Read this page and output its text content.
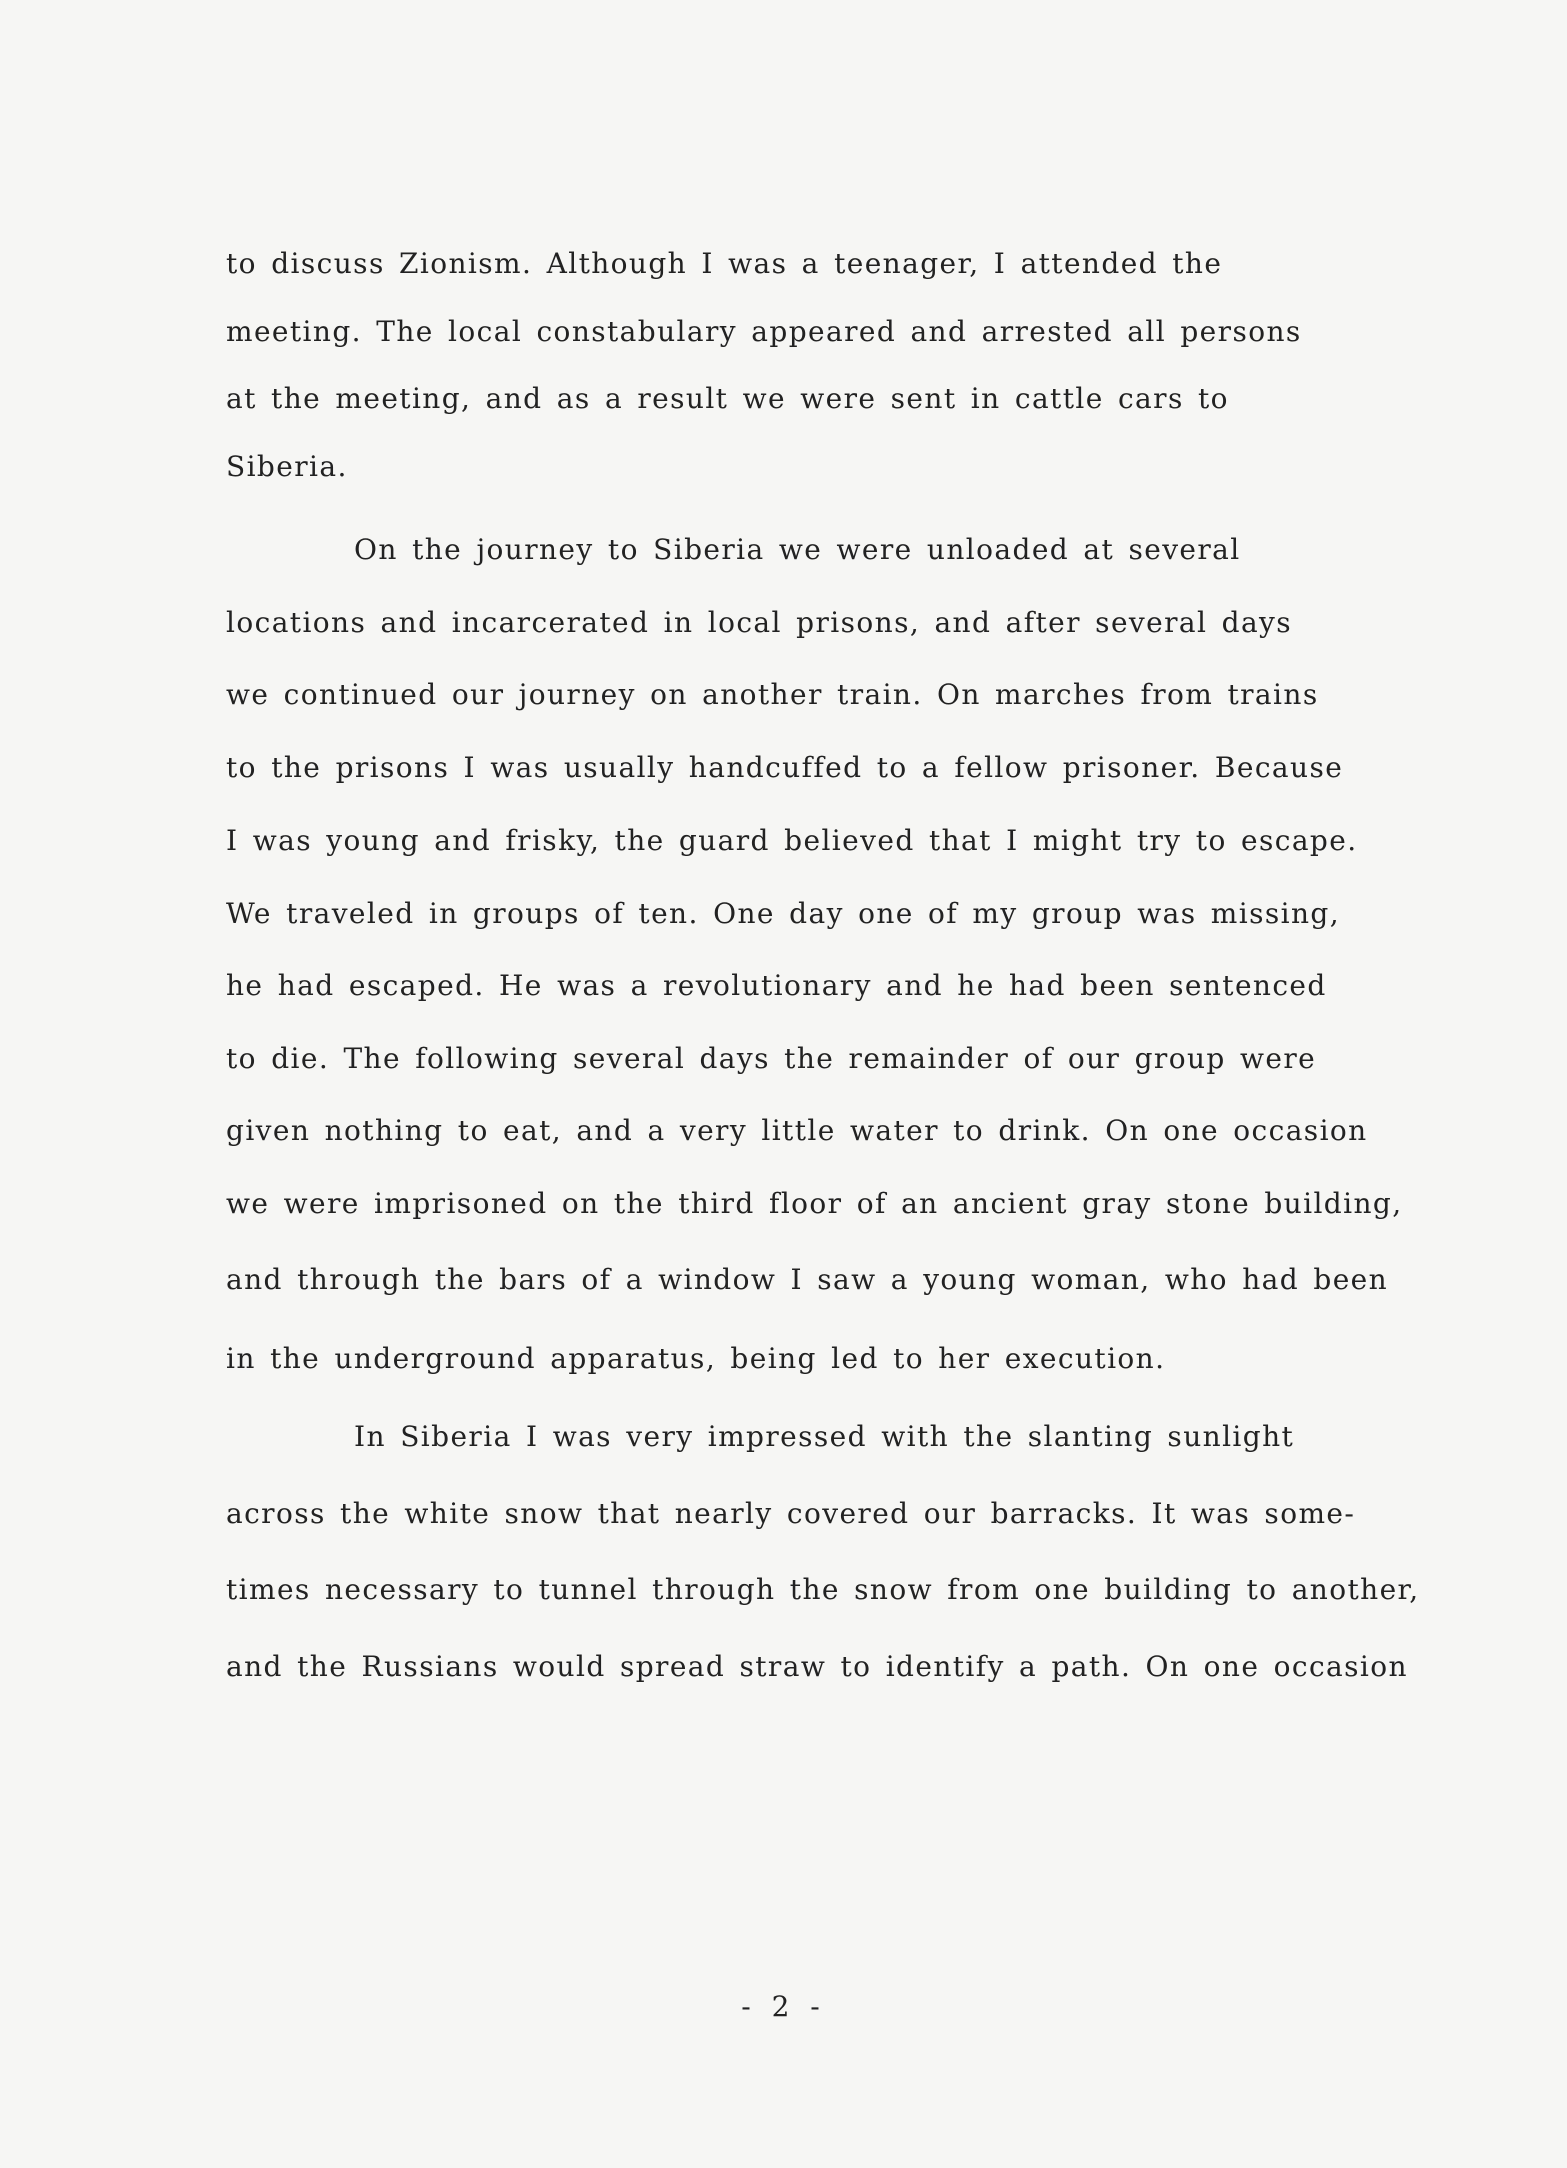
to discuss Zionism. Although I was a teenager, I attended the
meeting. The local constabulary appeared and arrested all persons
at the meeting, and as a result we were sent in cattle cars to
Siberia.
On the journey to Siberia we were unloaded at several
locations and incarcerated in local prisons, and after several days
we continued our journey on another train. On marches from trains
to the prisons I was usually handcuffed to a fellow prisoner. Because
I was young and frisky, the guard believed that I might try to escape.
We traveled in groups of ten. One day one of my group was missing,
he had escaped. He was a revolutionary and he had been sentenced
to die. The following several days the remainder of our group were
given nothing to eat, and a very little water to drink. On one occasion
we were imprisoned on the third floor of an ancient gray stone building,
and through the bars of a window I saw a young woman, who had been
in the underground apparatus, being led to her execution.
In Siberia I was very impressed with the slanting sunlight
across the white snow that nearly covered our barracks. It was some-
times necessary to tunnel through the snow from one building to another,
and the Russians would spread straw to identify a path. On one occasion
- 2 -
